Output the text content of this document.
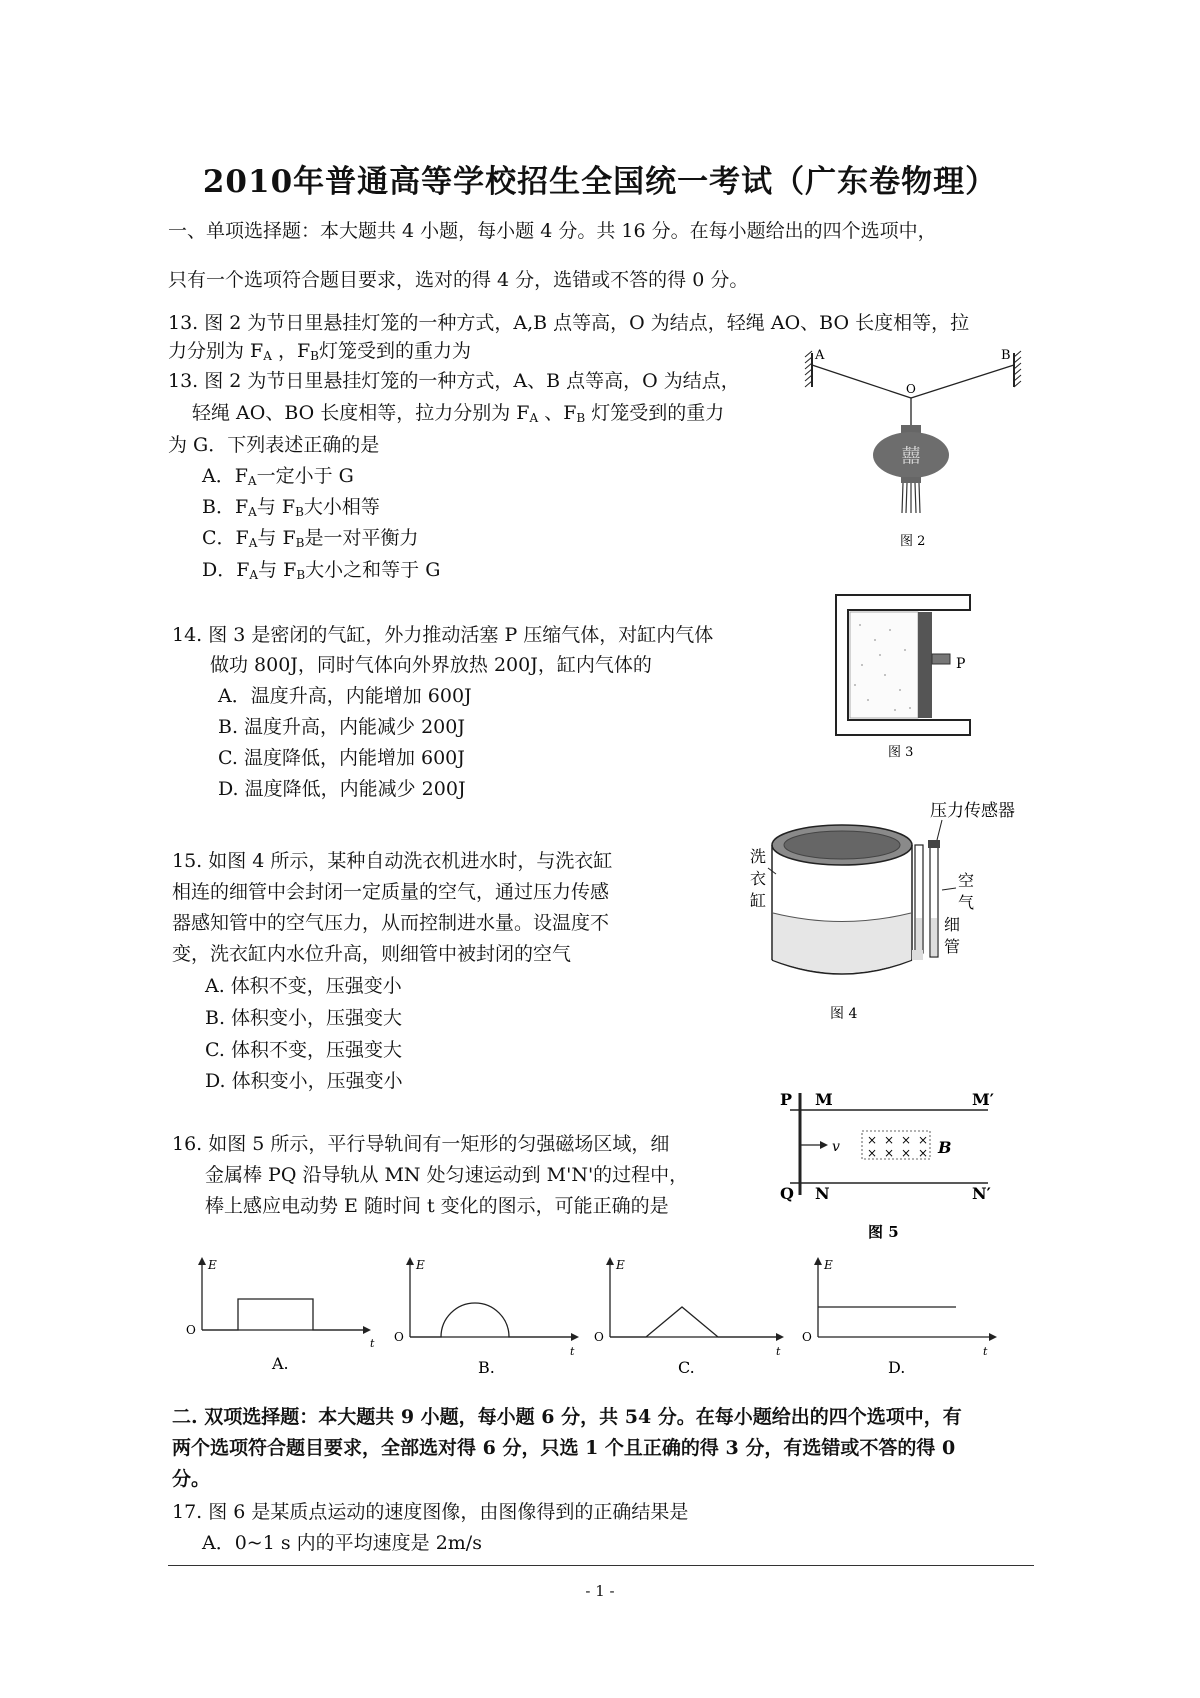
2010年普通高等学校招生全国统一考试（广东卷物理）
一、单项选择题：本大题共 4 小题，每小题 4 分。共 16 分。在每小题给出的四个选项中，
只有一个选项符合题目要求，选对的得 4 分，选错或不答的得 0 分。
13. 图 2 为节日里悬挂灯笼的一种方式，A,B 点等高，O 为结点，轻绳 AO、BO 长度相等，拉
力分别为 $F_A$ ，$F_B$灯笼受到的重力为
13. 图 2 为节日里悬挂灯笼的一种方式，A、B 点等高，O 为结点，
轻绳 AO、BO 长度相等，拉力分别为 $F_A$ 、$F_B$ 灯笼受到的重力
为 G．下列表述正确的是
A．$F_A$一定小于 G
B．$F_A$与 $F_B$大小相等
C．$F_A$与 $F_B$是一对平衡力
D．$F_A$与 $F_B$大小之和等于 G
囍
A	B
O
图 2
14. 图 3 是密闭的气缸，外力推动活塞 P 压缩气体，对缸内气体
做功 800J，同时气体向外界放热 200J，缸内气体的
A．温度升高，内能增加 600J
B. 温度升高，内能减少 200J
C. 温度降低，内能增加 600J
D. 温度降低，内能减少 200J
P
图 3
15. 如图 4 所示，某种自动洗衣机进水时，与洗衣缸
相连的细管中会封闭一定质量的空气，通过压力传感
器感知管中的空气压力，从而控制进水量。设温度不
变，洗衣缸内水位升高，则细管中被封闭的空气
A. 体积不变，压强变小
B. 体积变小，压强变大
C. 体积不变，压强变大
D. 体积变小，压强变小
压力传感器
洗
衣
缸
空
气
细
管
图 4
16. 如图 5 所示，平行导轨间有一矩形的匀强磁场区域，细
金属棒 PQ 沿导轨从 MN 处匀速运动到 M'N'的过程中，
棒上感应电动势 E 随时间 t 变化的图示，可能正确的是
× × × ×
× × × ×
P
Q
M
N
M′
N′
v	B
图 5
E
O
t
A.
E
O
t
B.
E
O
t
C.
E
O
t
D.
二. 双项选择题：本大题共 9 小题，每小题 6 分，共 54 分。在每小题给出的四个选项中，有
两个选项符合题目要求，全部选对得 6 分，只选 1 个且正确的得 3 分，有选错或不答的得 0
分。
17. 图 6 是某质点运动的速度图像，由图像得到的正确结果是
A．0~1 s 内的平均速度是 2m/s
- 1 -
